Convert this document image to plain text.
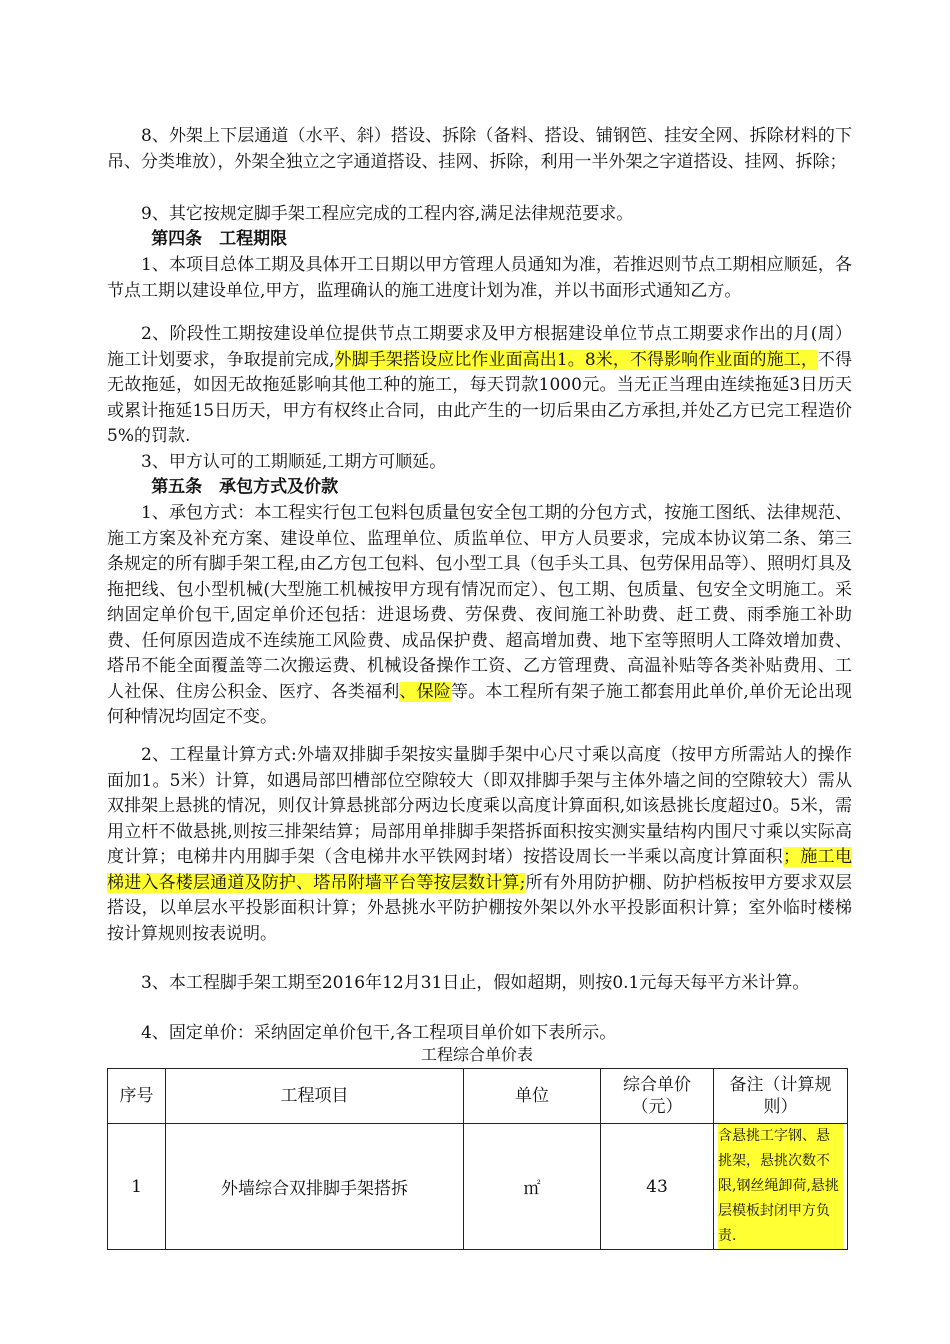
8、外架上下层通道（水平、斜）搭设、拆除（备料、搭设、铺钢笆、挂安全网、拆除材料的下吊、分类堆放），外架全独立之字通道搭设、挂网、拆除，利用一半外架之字道搭设、挂网、拆除；

9、其它按规定脚手架工程应完成的工程内容,满足法律规范要求。

第四条　工程期限

1、本项目总体工期及具体开工日期以甲方管理人员通知为准，若推迟则节点工期相应顺延，各节点工期以建设单位,甲方，监理确认的施工进度计划为准，并以书面形式通知乙方。

2、阶段性工期按建设单位提供节点工期要求及甲方根据建设单位节点工期要求作出的月(周）施工计划要求，争取提前完成,外脚手架搭设应比作业面高出1。8米，不得影响作业面的施工，不得无故拖延，如因无故拖延影响其他工种的施工，每天罚款1000元。当无正当理由连续拖延3日历天或累计拖延15日历天，甲方有权终止合同，由此产生的一切后果由乙方承担,并处乙方已完工程造价5%的罚款.

3、甲方认可的工期顺延,工期方可顺延。

第五条　承包方式及价款

1、承包方式：本工程实行包工包料包质量包安全包工期的分包方式，按施工图纸、法律规范、施工方案及补充方案、建设单位、监理单位、质监单位、甲方人员要求，完成本协议第二条、第三条规定的所有脚手架工程,由乙方包工包料、包小型工具（包手头工具、包劳保用品等）、照明灯具及拖把线、包小型机械(大型施工机械按甲方现有情况而定）、包工期、包质量、包安全文明施工。采纳固定单价包干,固定单价还包括：进退场费、劳保费、夜间施工补助费、赶工费、雨季施工补助费、任何原因造成不连续施工风险费、成品保护费、超高增加费、地下室等照明人工降效增加费、塔吊不能全面覆盖等二次搬运费、机械设备操作工资、乙方管理费、高温补贴等各类补贴费用、工人社保、住房公积金、医疗、各类福利、保险等。本工程所有架子施工都套用此单价,单价无论出现何种情况均固定不变。

2、工程量计算方式:外墙双排脚手架按实量脚手架中心尺寸乘以高度（按甲方所需站人的操作面加1。5米）计算，如遇局部凹槽部位空隙较大（即双排脚手架与主体外墙之间的空隙较大）需从双排架上悬挑的情况，则仅计算悬挑部分两边长度乘以高度计算面积,如该悬挑长度超过0。5米，需用立杆不做悬挑,则按三排架结算；局部用单排脚手架搭拆面积按实测实量结构内围尺寸乘以实际高度计算；电梯井内用脚手架（含电梯井水平铁网封堵）按搭设周长一半乘以高度计算面积；施工电梯进入各楼层通道及防护、塔吊附墙平台等按层数计算;所有外用防护棚、防护档板按甲方要求双层搭设，以单层水平投影面积计算；外悬挑水平防护棚按外架以外水平投影面积计算；室外临时楼梯按计算规则按表说明。

3、本工程脚手架工期至2016年12月31日止，假如超期，则按0.1元每天每平方米计算。

4、固定单价：采纳固定单价包干,各工程项目单价如下表所示。

工程综合单价表
序号	工程项目	单位	综合单价（元）	备注（计算规则）
1	外墙综合双排脚手架搭拆	㎡	43	含悬挑工字钢、悬挑架，悬挑次数不限,钢丝绳卸荷,悬挑层模板封闭甲方负责.
